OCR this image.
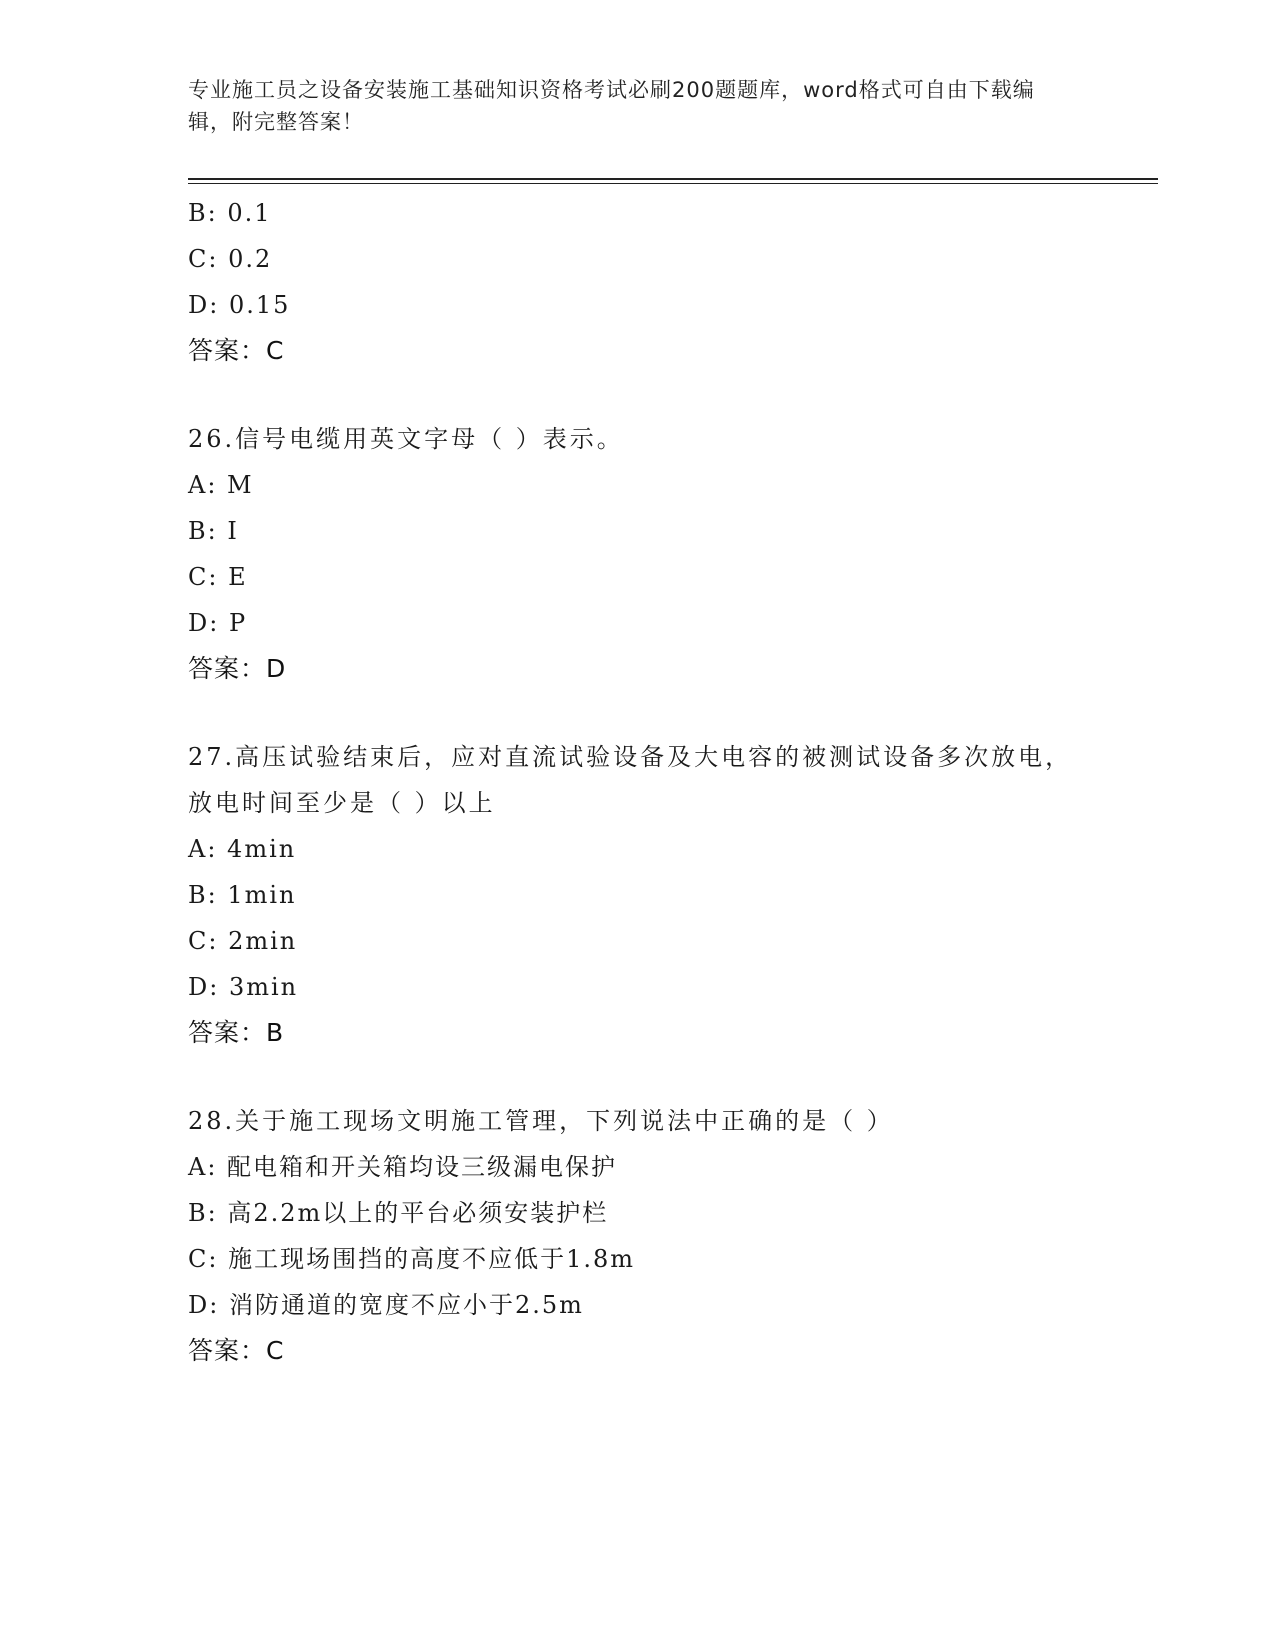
专业施工员之设备安装施工基础知识资格考试必刷200题题库，word格式可自由下载编辑，附完整答案！
B: 0.1
C: 0.2
D: 0.15
答案：C
26.信号电缆用英文字母（ ）表示。
A: M
B: I
C: E
D: P
答案：D
27.高压试验结束后，应对直流试验设备及大电容的被测试设备多次放电，放电时间至少是（ ）以上
A: 4min
B: 1min
C: 2min
D: 3min
答案：B
28.关于施工现场文明施工管理，下列说法中正确的是（ ）
A: 配电箱和开关箱均设三级漏电保护
B: 高2.2m以上的平台必须安装护栏
C: 施工现场围挡的高度不应低于1.8m
D: 消防通道的宽度不应小于2.5m
答案：C
